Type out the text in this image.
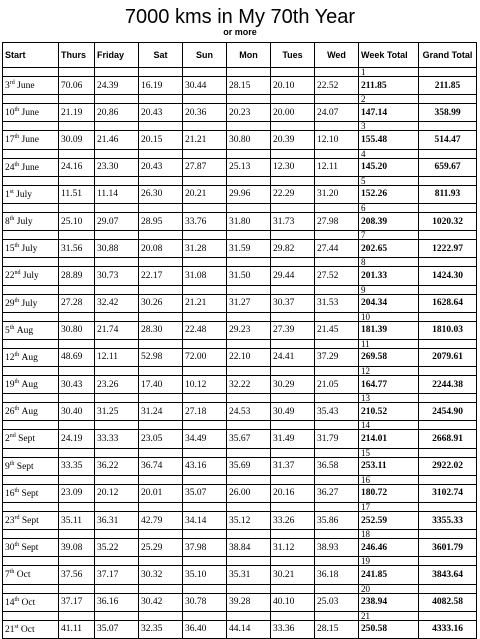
7000 kms in My 70th Year
or more
Start	Thurs	Friday	Sat	Sun	Mon	Tues	Wed	Week Total	Grand Total
								1	
3rd June	70.06	24.39	16.19	30.44	28.15	20.10	22.52	211.85	211.85
								2	
10th June	21.19	20.86	20.43	20.36	20.23	20.00	24.07	147.14	358.99
								3	
17th June	30.09	21.46	20.15	21.21	30.80	20.39	12.10	155.48	514.47
								4	
24th June	24.16	23.30	20.43	27.87	25.13	12.30	12.11	145.20	659.67
								5	
1st July	11.51	11.14	26.30	20.21	29.96	22.29	31.20	152.26	811.93
								6	
8th July	25.10	29.07	28.95	33.76	31.80	31.73	27.98	208.39	1020.32
								7	
15th July	31.56	30.88	20.08	31.28	31.59	29.82	27.44	202.65	1222.97
								8	
22nd July	28.89	30.73	22.17	31.08	31.50	29.44	27.52	201.33	1424.30
								9	
29th July	27.28	32.42	30.26	21.21	31.27	30.37	31.53	204.34	1628.64
								10	
5th Aug	30.80	21.74	28.30	22.48	29.23	27.39	21.45	181.39	1810.03
								11	
12th Aug	48.69	12.11	52.98	72.00	22.10	24.41	37.29	269.58	2079.61
								12	
19th Aug	30.43	23.26	17.40	10.12	32.22	30.29	21.05	164.77	2244.38
								13	
26th Aug	30.40	31.25	31.24	27.18	24.53	30.49	35.43	210.52	2454.90
								14	
2nd Sept	24.19	33.33	23.05	34.49	35.67	31.49	31.79	214.01	2668.91
								15	
9th Sept	33.35	36.22	36.74	43.16	35.69	31.37	36.58	253.11	2922.02
								16	
16th Sept	23.09	20.12	20.01	35.07	26.00	20.16	36.27	180.72	3102.74
								17	
23rd Sept	35.11	36.31	42.79	34.14	35.12	33.26	35.86	252.59	3355.33
								18	
30th Sept	39.08	35.22	25.29	37.98	38.84	31.12	38.93	246.46	3601.79
								19	
7th Oct	37.56	37.17	30.32	35.10	35.31	30.21	36.18	241.85	3843.64
								20	
14th Oct	37.17	36.16	30.42	30.78	39.28	40.10	25.03	238.94	4082.58
								21	
21st Oct	41.11	35.07	32.35	36.40	44.14	33.36	28.15	250.58	4333.16
